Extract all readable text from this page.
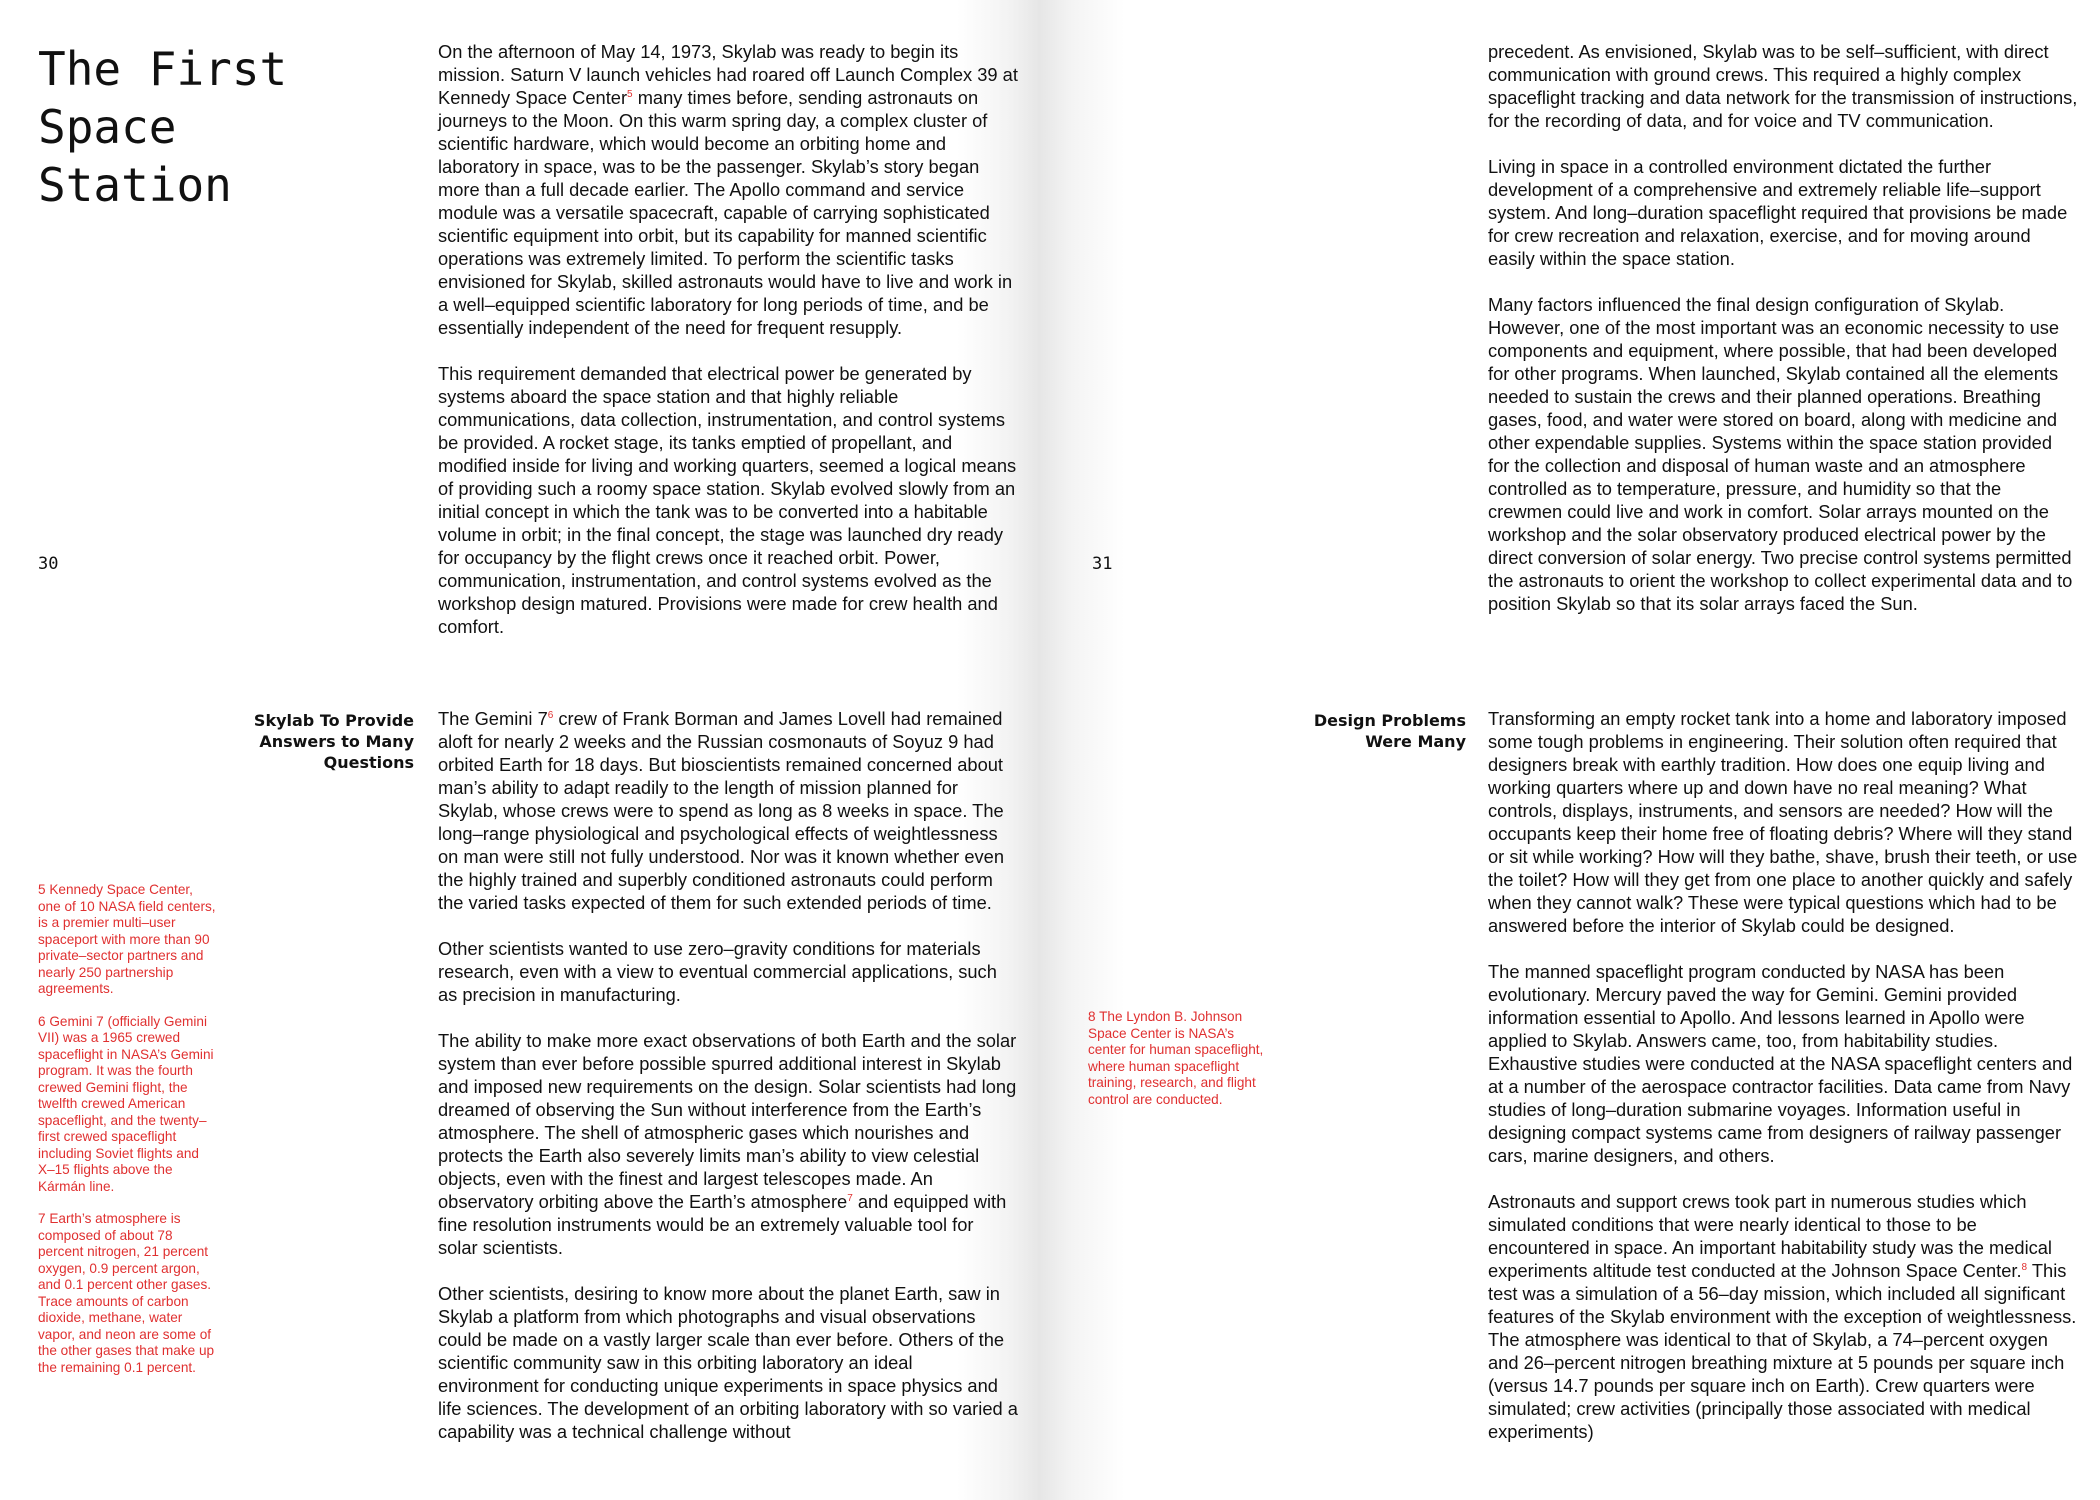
The First
Space
Station
30

On the afternoon of May 14, 1973, Skylab was ready to begin its mission. Saturn V launch vehicles had roared off Launch Complex 39 at Kennedy Space Center$^5$ many times before, sending astronauts on journeys to the Moon. On this warm spring day, a complex cluster of scientific hardware, which would become an orbiting home and laboratory in space, was to be the passenger. Skylab’s story began more than a full decade earlier. The Apollo command and service module was a versatile spacecraft, capable of carrying sophisticated scientific equipment into orbit, but its capability for manned scientific operations was extremely limited. To perform the scientific tasks envisioned for Skylab, skilled astronauts would have to live and work in a well–equipped scientific laboratory for long periods of time, and be essentially independent of the need for frequent resupply.

This requirement demanded that electrical power be generated by systems aboard the space station and that highly reliable communications, data collection, instrumentation, and control systems be provided. A rocket stage, its tanks emptied of propellant, and modified inside for living and working quarters, seemed a logical means of providing such a roomy space station. Skylab evolved slowly from an initial concept in which the tank was to be converted into a habitable volume in orbit; in the final concept, the stage was launched dry ready for occupancy by the flight crews once it reached orbit. Power, communication, instrumentation, and control systems evolved as the workshop design matured. Provisions were made for crew health and comfort.

Skylab To Provide
Answers to Many
Questions

The Gemini $7^6$ crew of Frank Borman and James Lovell had remained aloft for nearly 2 weeks and the Russian cosmonauts of Soyuz 9 had orbited Earth for 18 days. But bioscientists remained concerned about man’s ability to adapt readily to the length of mission planned for Skylab, whose crews were to spend as long as 8 weeks in space. The long–range physiological and psychological effects of weightlessness on man were still not fully understood. Nor was it known whether even the highly trained and superbly conditioned astronauts could perform the varied tasks expected of them for such extended periods of time.

Other scientists wanted to use zero–gravity conditions for materials research, even with a view to eventual commercial applications, such as precision in manufacturing.

The ability to make more exact observations of both Earth and the solar system than ever before possible spurred additional interest in Skylab and imposed new requirements on the design. Solar scientists had long dreamed of observing the Sun without interference from the Earth’s atmosphere. The shell of atmospheric gases which nourishes and protects the Earth also severely limits man’s ability to view celestial objects, even with the finest and largest telescopes made. An observatory orbiting above the Earth’s atmosphere$^7$ and equipped with fine resolution instruments would be an extremely valuable tool for solar scientists.

Other scientists, desiring to know more about the planet Earth, saw in Skylab a platform from which photographs and visual observations could be made on a vastly larger scale than ever before. Others of the scientific community saw in this orbiting laboratory an ideal environment for conducting unique experiments in space physics and life sciences. The development of an orbiting laboratory with so varied a capability was a technical challenge without

5 Kennedy Space Center, one of 10 NASA field centers, is a premier multi–user spaceport with more than 90 private–sector partners and nearly 250 partnership agreements.

6 Gemini 7 (officially Gemini VII) was a 1965 crewed spaceflight in NASA’s Gemini program. It was the fourth crewed Gemini flight, the twelfth crewed American spaceflight, and the twenty–first crewed spaceflight including Soviet flights and X–15 flights above the Kármán line.

7 Earth’s atmosphere is composed of about 78 percent nitrogen, 21 percent oxygen, 0.9 percent argon, and 0.1 percent other gases. Trace amounts of carbon dioxide, methane, water vapor, and neon are some of the other gases that make up the remaining 0.1 percent.

31

precedent. As envisioned, Skylab was to be self–sufficient, with direct communication with ground crews. This required a highly complex spaceflight tracking and data network for the transmission of instructions, for the recording of data, and for voice and TV communication.

Living in space in a controlled environment dictated the further development of a comprehensive and extremely reliable life–support system. And long–duration spaceflight required that provisions be made for crew recreation and relaxation, exercise, and for moving around easily within the space station.

Many factors influenced the final design configuration of Skylab. However, one of the most important was an economic necessity to use components and equipment, where possible, that had been developed for other programs. When launched, Skylab contained all the elements needed to sustain the crews and their planned operations. Breathing gases, food, and water were stored on board, along with medicine and other expendable supplies. Systems within the space station provided for the collection and disposal of human waste and an atmosphere controlled as to temperature, pressure, and humidity so that the crewmen could live and work in comfort. Solar arrays mounted on the workshop and the solar observatory produced electrical power by the direct conversion of solar energy. Two precise control systems permitted the astronauts to orient the workshop to collect experimental data and to position Skylab so that its solar arrays faced the Sun.

Design Problems
Were Many

Transforming an empty rocket tank into a home and laboratory imposed some tough problems in engineering. Their solution often required that designers break with earthly tradition. How does one equip living and working quarters where up and down have no real meaning? What controls, displays, instruments, and sensors are needed? How will the occupants keep their home free of floating debris? Where will they stand or sit while working? How will they bathe, shave, brush their teeth, or use the toilet? How will they get from one place to another quickly and safely when they cannot walk? These were typical questions which had to be answered before the interior of Skylab could be designed.

The manned spaceflight program conducted by NASA has been evolutionary. Mercury paved the way for Gemini. Gemini provided information essential to Apollo. And lessons learned in Apollo were applied to Skylab. Answers came, too, from habitability studies. Exhaustive studies were conducted at the NASA spaceflight centers and at a number of the aerospace contractor facilities. Data came from Navy studies of long–duration submarine voyages. Information useful in designing compact systems came from designers of railway passenger cars, marine designers, and others.

Astronauts and support crews took part in numerous studies which simulated conditions that were nearly identical to those to be encountered in space. An important habitability study was the medical experiments altitude test conducted at the Johnson Space Center.$^8$ This test was a simulation of a 56–day mission, which included all significant features of the Skylab environment with the exception of weightlessness. The atmosphere was identical to that of Skylab, a 74–percent oxygen and 26–percent nitrogen breathing mixture at 5 pounds per square inch (versus 14.7 pounds per square inch on Earth). Crew quarters were simulated; crew activities (principally those associated with medical experiments)

8 The Lyndon B. Johnson Space Center is NASA’s center for human spaceflight, where human spaceflight training, research, and flight control are conducted.
